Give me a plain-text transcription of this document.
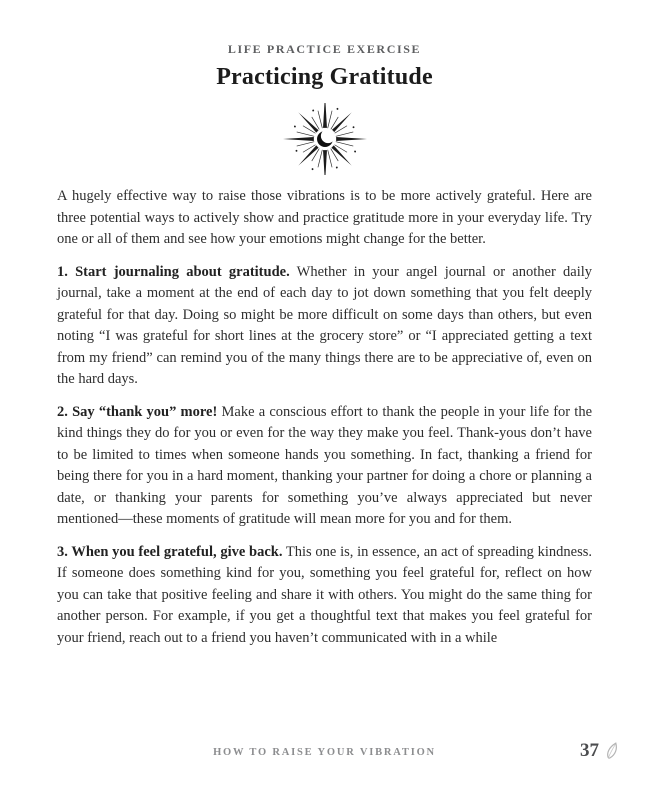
LIFE PRACTICE EXERCISE
Practicing Gratitude

A hugely effective way to raise those vibrations is to be more actively grateful. Here are three potential ways to actively show and practice gratitude more in your everyday life. Try one or all of them and see how your emotions might change for the better.

1. Start journaling about gratitude. Whether in your angel journal or another daily journal, take a moment at the end of each day to jot down something that you felt deeply grateful for that day. Doing so might be more difficult on some days than others, but even noting “I was grateful for short lines at the grocery store” or “I appreciated getting a text from my friend” can remind you of the many things there are to be appreciative of, even on the hard days.

2. Say “thank you” more! Make a conscious effort to thank the people in your life for the kind things they do for you or even for the way they make you feel. Thank-yous don’t have to be limited to times when someone hands you something. In fact, thanking a friend for being there for you in a hard moment, thanking your partner for doing a chore or planning a date, or thanking your parents for something you’ve always appreciated but never mentioned—these moments of gratitude will mean more for you and for them.

3. When you feel grateful, give back. This one is, in essence, an act of spreading kindness. If someone does something kind for you, something you feel grateful for, reflect on how you can take that positive feeling and share it with others. You might do the same thing for another person. For example, if you get a thoughtful text that makes you feel grateful for your friend, reach out to a friend you haven’t communicated with in a while

HOW TO RAISE YOUR VIBRATION	37
